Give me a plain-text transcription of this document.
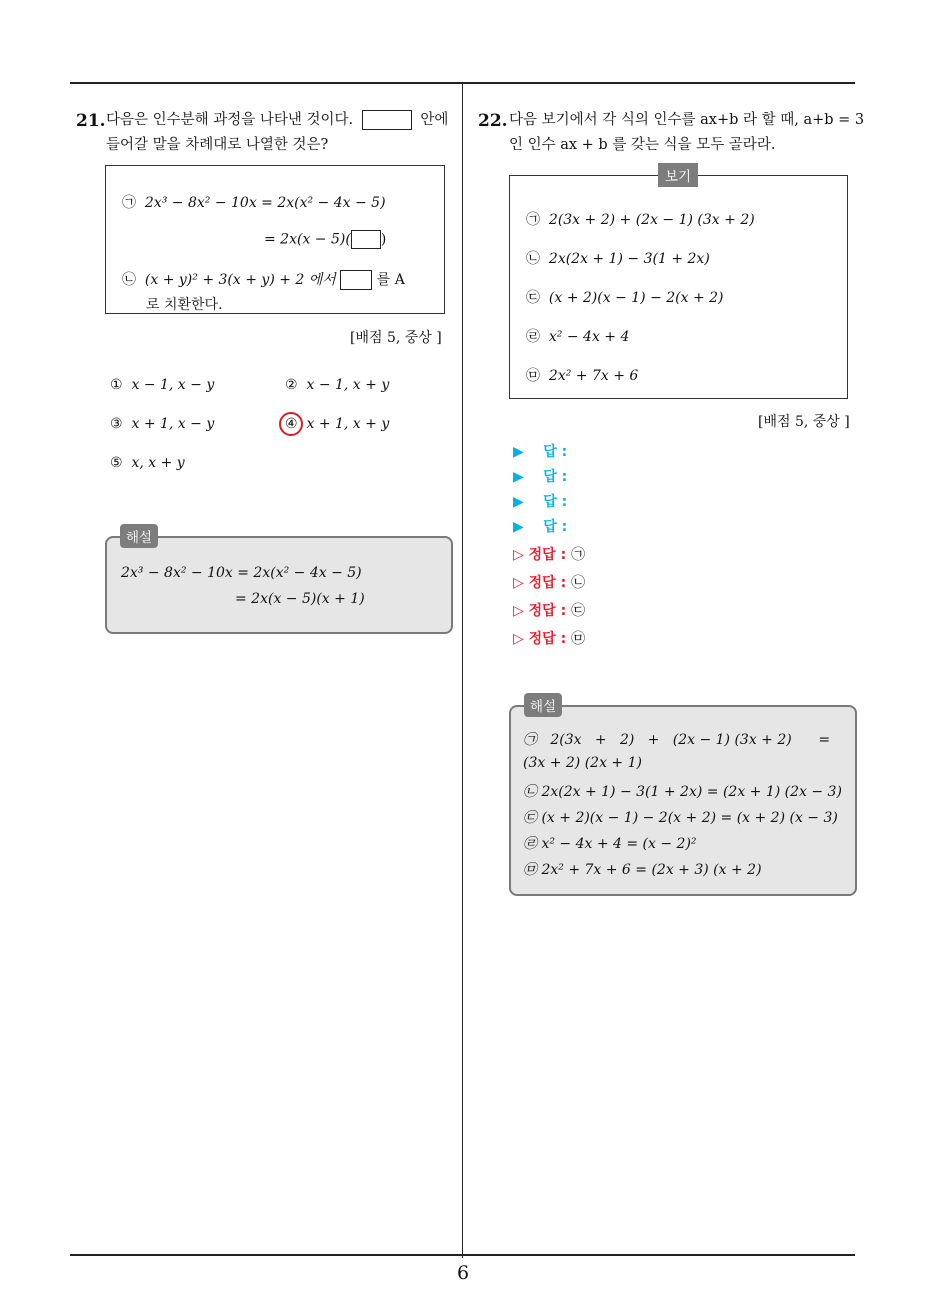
21. 다음은 인수분해 과정을 나타낸 것이다.	안에
들어갈 말을 차례대로 나열한 것은?
㉠ 2x³ − 8x² − 10x = 2x(x² − 4x − 5)
= 2x(x − 5)( )
㉡ (x + y)² + 3(x + y) + 2 에서	를 A
로 치환한다.
[배점 5, 중상 ]
① x − 1, x − y	② x − 1, x + y
③ x + 1, x − y	④ x + 1, x + y
⑤ x, x + y
2x³ − 8x² − 10x = 2x(x² − 4x − 5)
= 2x(x − 5)(x + 1)
해설
22. 다음 보기에서 각 식의 인수를 ax+b 라 할 때, a+b = 3
인 인수 ax + b 를 갖는 식을 모두 골라라.
㉠ 2(3x + 2) + (2x − 1) (3x + 2)
㉡ 2x(2x + 1) − 3(1 + 2x)
㉢ (x + 2)(x − 1) − 2(x + 2)
㉣ x² − 4x + 4
㉤ 2x² + 7x + 6
보기
[배점 5, 중상 ]
▶ 답 :
▶ 답 :
▶ 답 :
▶ 답 :
▷ 정답 : ㉠
▷ 정답 : ㉡
▷ 정답 : ㉢
▷ 정답 : ㉤
㉠   2(3x   +   2)   +   (2x − 1) (3x + 2)      =
(3x + 2) (2x + 1)
㉡ 2x(2x + 1) − 3(1 + 2x) = (2x + 1) (2x − 3)
㉢ (x + 2)(x − 1) − 2(x + 2) = (x + 2) (x − 3)
㉣ x² − 4x + 4 = (x − 2)²
㉤ 2x² + 7x + 6 = (2x + 3) (x + 2)
해설
6
